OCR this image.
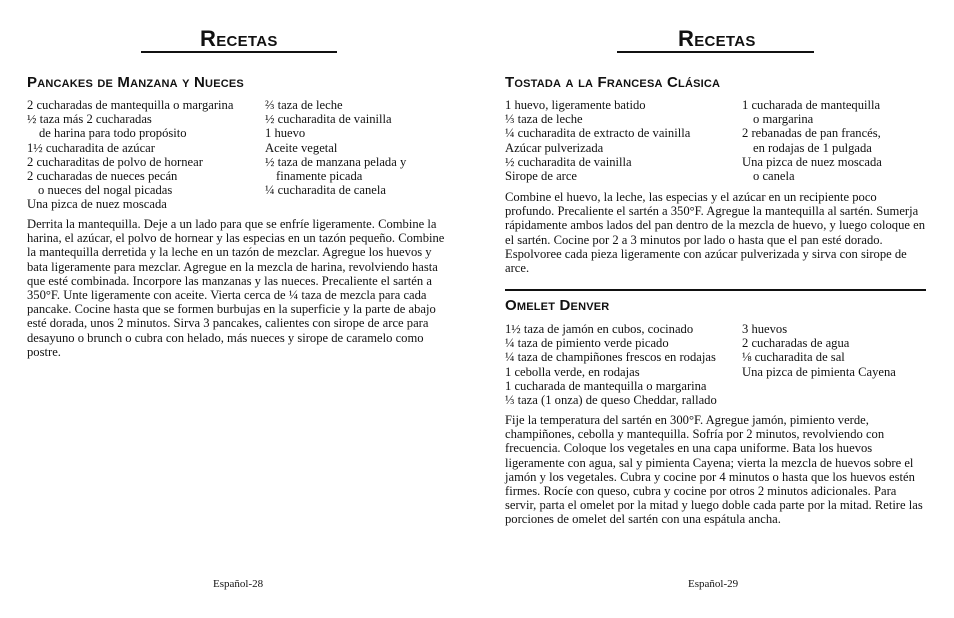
Recetas
Pancakes de Manzana y Nueces
2 cucharadas de mantequilla o margarina
½ taza más 2 cucharadas
de harina para todo propósito
1½ cucharadita de azúcar
2 cucharaditas de polvo de hornear
2 cucharadas de nueces pecán
o nueces del nogal picadas
Una pizca de nuez moscada
⅔ taza de leche
½ cucharadita de vainilla
1 huevo
Aceite vegetal
½ taza de manzana pelada y
finamente picada
¼ cucharadita de canela

Derrita la mantequilla. Deje a un lado para que se enfríe ligeramente. Combine la harina, el azúcar, el polvo de hornear y las especias en un tazón pequeño. Combine la mantequilla derretida y la leche en un tazón de mezclar. Agregue los huevos y bata ligeramente para mezclar. Agregue en la mezcla de harina, revolviendo hasta que esté combinada. Incorpore las manzanas y las nueces. Precaliente el sartén a 350°F. Unte ligeramente con aceite. Vierta cerca de ¼ taza de mezcla para cada pancake. Cocine hasta que se formen burbujas en la superficie y la parte de abajo esté dorada, unos 2 minutos. Sirva 3 pancakes, calientes con sirope de arce para desayuno o brunch o cubra con helado, más nueces y sirope de caramelo como postre.

Español-28

Recetas
Tostada a la Francesa Clásica
1 huevo, ligeramente batido
⅓ taza de leche
¼ cucharadita de extracto de vainilla
Azúcar pulverizada
½ cucharadita de vainilla
Sirope de arce
1 cucharada de mantequilla
o margarina
2 rebanadas de pan francés,
en rodajas de 1 pulgada
Una pizca de nuez moscada
o canela

Combine el huevo, la leche, las especias y el azúcar en un recipiente poco profundo. Precaliente el sartén a 350°F. Agregue la mantequilla al sartén. Sumerja rápidamente ambos lados del pan dentro de la mezcla de huevo, y luego coloque en el sartén. Cocine por 2 a 3 minutos por lado o hasta que el pan esté dorado. Espolvoree cada pieza ligeramente con azúcar pulverizada y sirva con sirope de arce.

Omelet Denver
1½ taza de jamón en cubos, cocinado
¼ taza de pimiento verde picado
¼ taza de champiñones frescos en rodajas
1 cebolla verde, en rodajas
1 cucharada de mantequilla o margarina
⅓ taza (1 onza) de queso Cheddar, rallado
3 huevos
2 cucharadas de agua
⅛ cucharadita de sal
Una pizca de pimienta Cayena

Fije la temperatura del sartén en 300°F. Agregue jamón, pimiento verde, champiñones, cebolla y mantequilla. Sofría por 2 minutos, revolviendo con frecuencia. Coloque los vegetales en una capa uniforme. Bata los huevos ligeramente con agua, sal y pimienta Cayena; vierta la mezcla de huevos sobre el jamón y los vegetales. Cubra y cocine por 4 minutos o hasta que los huevos estén firmes. Rocíe con queso, cubra y cocine por otros 2 minutos adicionales. Para servir, parta el omelet por la mitad y luego doble cada parte por la mitad. Retire las porciones de omelet del sartén con una espátula ancha.

Español-29
